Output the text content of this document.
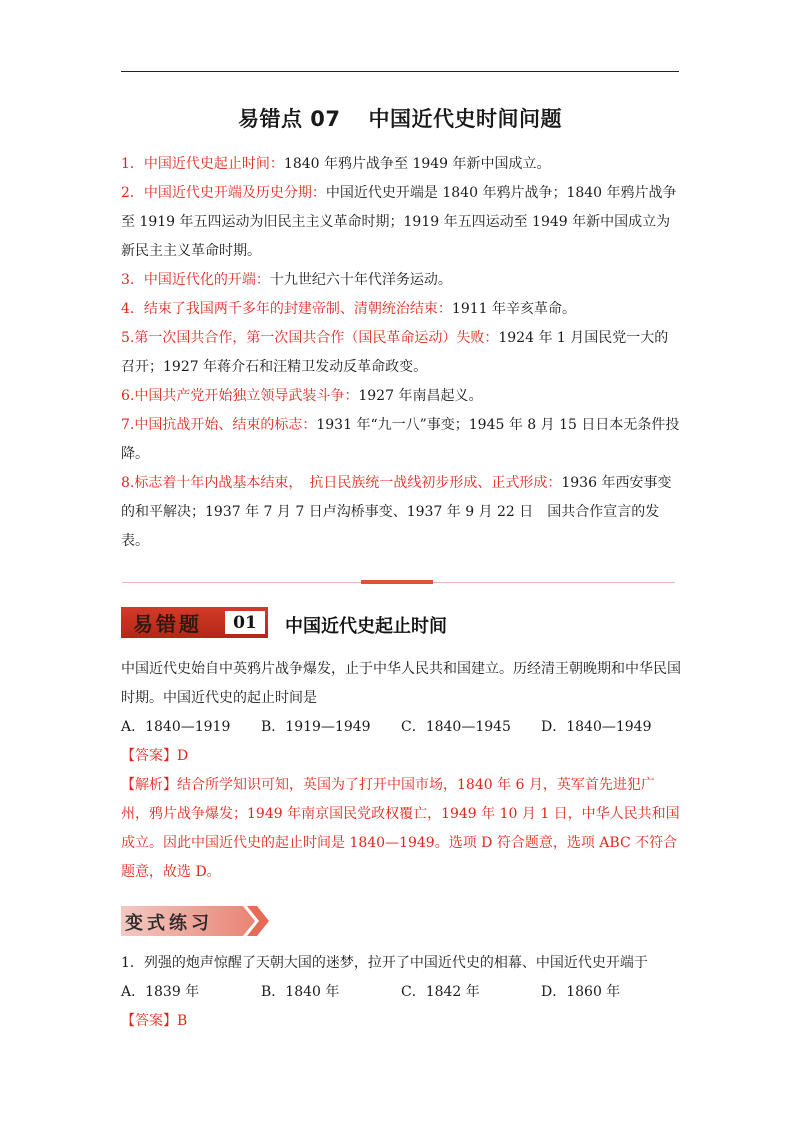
易错点 07 中国近代史时间问题

1．中国近代史起止时间：1840 年鸦片战争至 1949 年新中国成立。

2．中国近代史开端及历史分期：中国近代史开端是 1840 年鸦片战争；1840 年鸦片战争至 1919 年五四运动为旧民主主义革命时期；1919 年五四运动至 1949 年新中国成立为新民主主义革命时期。

3．中国近代化的开端：十九世纪六十年代洋务运动。

4．结束了我国两千多年的封建帝制、清朝统治结束：1911 年辛亥革命。

5.第一次国共合作，第一次国共合作（国民革命运动）失败：1924 年 1 月国民党一大的召开；1927 年蒋介石和汪精卫发动反革命政变。

6.中国共产党开始独立领导武装斗争：1927 年南昌起义。

7.中国抗战开始、结束的标志：1931 年“九一八”事变；1945 年 8 月 15 日日本无条件投降。

8.标志着十年内战基本结束，　抗日民族统一战线初步形成、正式形成：1936 年西安事变的和平解决；1937 年 7 月 7 日卢沟桥事变、1937 年 9 月 22 日　国共合作宣言的发表。

易错题	01	中国近代史起止时间

中国近代史始自中英鸦片战争爆发，止于中华人民共和国建立。历经清王朝晚期和中华民国时期。中国近代史的起止时间是

A．1840—1919	B．1919—1949	C．1840—1945	D．1840—1949

【答案】D

【解析】结合所学知识可知，英国为了打开中国市场，1840 年 6 月，英军首先进犯广州，鸦片战争爆发；1949 年南京国民党政权覆亡，1949 年 10 月 1 日，中华人民共和国成立。因此中国近代史的起止时间是 1840—1949。选项 D 符合题意，选项 ABC 不符合题意，故选 D。

变式练习

1．列强的炮声惊醒了天朝大国的迷梦，拉开了中国近代史的相幕、中国近代史开端于

A．1839 年	B．1840 年	C．1842 年	D．1860 年

【答案】B
